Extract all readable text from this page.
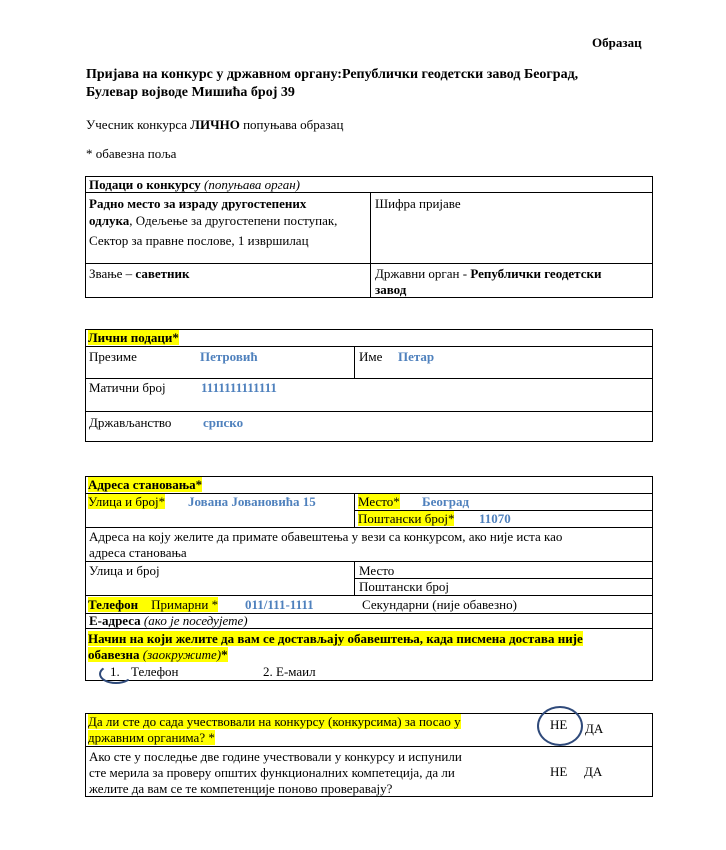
Образац
Пријава на конкурс у државном органу:Републички геодетски завод Београд,
Булевар војводе Мишића број 39
Учесник конкурса ЛИЧНО попуњава образац
* обавезна поља
Подаци о конкурсу (попуњава орган)
Радно место за израду другостепених
одлука, Одељење за другостепени поступак,
Сектор за правне послове, 1 извршилац
Шифра пријаве
Звање – саветник	Државни орган - Републички геодетски
завод
Лични подаци*
Презиме	Петровић	Име Петар
Матични број	1111111111111
Држављанство српско
Адреса становања*
Улица и број* Јована Јовановића 15	Место* Београд
Поштански број* 11070
Адреса на коју желите да примате обавештења у вези са конкурсом, ако није иста као
адреса становања
Улица и број	Место
Поштански број
Телефон Примарни * 011/111-1111	Секундарни (није обавезно)
Е-адреса (ако је поседујете)
Начин на који желите да вам се достављају обавештења, када писмена достава није
обавезна (заокружите)*
1. Телефон	2. Е-маил
Да ли сте до сада учествовали на конкурсу (конкурсима) за посао у
државним органима? *
НЕ ДА
Ако сте у последње две године учествовали у конкурсу и испунили
сте мерила за проверу општих функционалних компетеција, да ли
желите да вам се те компетенције поново проверавају?
НЕ ДА
